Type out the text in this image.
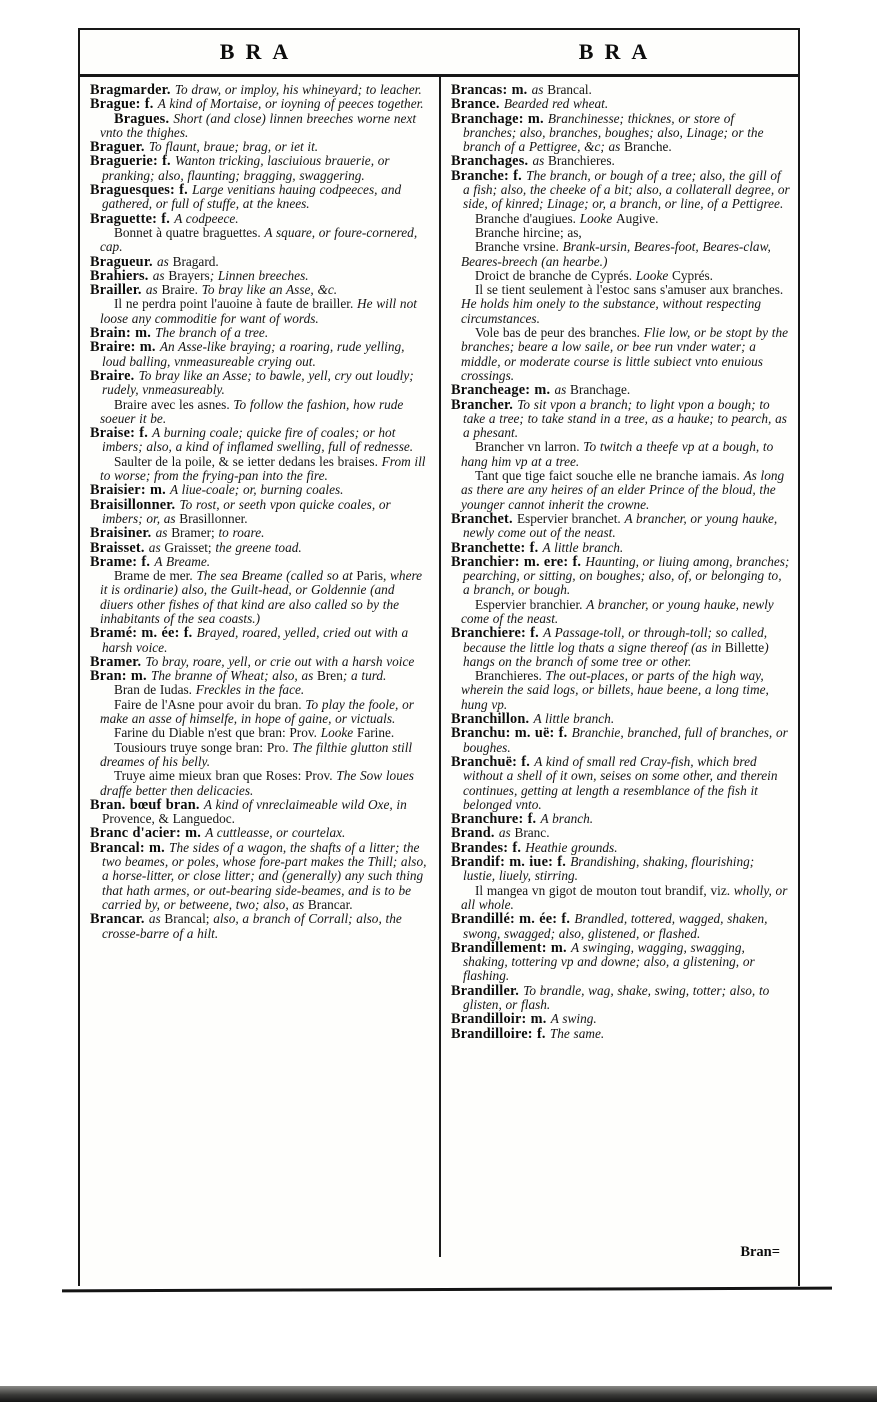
BRA	BRA

Bragmarder. To draw, or imploy, his whineyard; to leacher.

Brague: f. A kind of Mortaise, or ioyning of peeces together.

Bragues. Short (and close) linnen breeches worne next vnto the thighes.

Braguer. To flaunt, braue; brag, or iet it.

Braguerie: f. Wanton tricking, lasciuious brauerie, or pranking; also, flaunting; bragging, swaggering.

Braguesques: f. Large venitians hauing codpeeces, and gathered, or full of stuffe, at the knees.

Braguette: f. A codpeece.

Bonnet à quatre braguettes. A square, or foure-cornered, cap.

Bragueur. as Bragard.

Brahiers. as Brayers; Linnen breeches.

Brailler. as Braire. To bray like an Asse, &c.

Il ne perdra point l'auoine à faute de brailler. He will not loose any commoditie for want of words.

Brain: m. The branch of a tree.

Braire: m. An Asse-like braying; a roaring, rude yelling, loud balling, vnmeasureable crying out.

Braire. To bray like an Asse; to bawle, yell, cry out loudly; rudely, vnmeasureably.

Braire avec les asnes. To follow the fashion, how rude soeuer it be.

Braise: f. A burning coale; quicke fire of coales; or hot imbers; also, a kind of inflamed swelling, full of rednesse.

Saulter de la poile, & se ietter dedans les braises. From ill to worse; from the frying-pan into the fire.

Braisier: m. A liue-coale; or, burning coales.

Braisillonner. To rost, or seeth vpon quicke coales, or imbers; or, as Brasillonner.

Braisiner. as Bramer; to roare.

Braisset. as Graisset; the greene toad.

Brame: f. A Breame.

Brame de mer. The sea Breame (called so at Paris, where it is ordinarie) also, the Guilt-head, or Goldennie (and diuers other fishes of that kind are also called so by the inhabitants of the sea coasts.)

Bramé: m. ée: f. Brayed, roared, yelled, cried out with a harsh voice.

Bramer. To bray, roare, yell, or crie out with a harsh voice

Bran: m. The branne of Wheat; also, as Bren; a turd.

Bran de Iudas. Freckles in the face.

Faire de l'Asne pour avoir du bran. To play the foole, or make an asse of himselfe, in hope of gaine, or victuals.

Farine du Diable n'est que bran: Prov. Looke Farine.

Tousiours truye songe bran: Pro. The filthie glutton still dreames of his belly.

Truye aime mieux bran que Roses: Prov. The Sow loues draffe better then delicacies.

Bran. bœuf bran. A kind of vnreclaimeable wild Oxe, in Provence, & Languedoc.

Branc d'acier: m. A cuttleasse, or courtelax.

Brancal: m. The sides of a wagon, the shafts of a litter; the two beames, or poles, whose fore-part makes the Thill; also, a horse-litter, or close litter; and (generally) any such thing that hath armes, or out-bearing side-beames, and is to be carried by, or betweene, two; also, as Brancar.

Brancar. as Brancal; also, a branch of Corrall; also, the crosse-barre of a hilt.

Brancas: m. as Brancal.

Brance. Bearded red wheat.

Branchage: m. Branchinesse; thicknes, or store of branches; also, branches, boughes; also, Linage; or the branch of a Pettigree, &c; as Branche.

Branchages. as Branchieres.

Branche: f. The branch, or bough of a tree; also, the gill of a fish; also, the cheeke of a bit; also, a collaterall degree, or side, of kinred; Linage; or, a branch, or line, of a Pettigree.

Branche d'augiues. Looke Augive.

Branche hircine; as,

Branche vrsine. Brank-ursin, Beares-foot, Beares-claw, Beares-breech (an hearbe.)

Droict de branche de Cyprés. Looke Cyprés.

Il se tient seulement à l'estoc sans s'amuser aux branches. He holds him onely to the substance, without respecting circumstances.

Vole bas de peur des branches. Flie low, or be stopt by the branches; beare a low saile, or bee run vnder water; a middle, or moderate course is little subiect vnto enuious crossings.

Brancheage: m. as Branchage.

Brancher. To sit vpon a branch; to light vpon a bough; to take a tree; to take stand in a tree, as a hauke; to pearch, as a phesant.

Brancher vn larron. To twitch a theefe vp at a bough, to hang him vp at a tree.

Tant que tige faict souche elle ne branche iamais. As long as there are any heires of an elder Prince of the bloud, the younger cannot inherit the crowne.

Branchet. Espervier branchet. A brancher, or young hauke, newly come out of the neast.

Branchette: f. A little branch.

Branchier: m. ere: f. Haunting, or liuing among, branches; pearching, or sitting, on boughes; also, of, or belonging to, a branch, or bough.

Espervier branchier. A brancher, or young hauke, newly come of the neast.

Branchiere: f. A Passage-toll, or through-toll; so called, because the little log thats a signe thereof (as in Billette) hangs on the branch of some tree or other.

Branchieres. The out-places, or parts of the high way, wherein the said logs, or billets, haue beene, a long time, hung vp.

Branchillon. A little branch.

Branchu: m. uë: f. Branchie, branched, full of branches, or boughes.

Branchuë: f. A kind of small red Cray-fish, which bred without a shell of it own, seises on some other, and therein continues, getting at length a resemblance of the fish it belonged vnto.

Branchure: f. A branch.

Brand. as Branc.

Brandes: f. Heathie grounds.

Brandif: m. iue: f. Brandishing, shaking, flourishing; lustie, liuely, stirring.

Il mangea vn gigot de mouton tout brandif, viz. wholly, or all whole.

Brandillé: m. ée: f. Brandled, tottered, wagged, shaken, swong, swagged; also, glistened, or flashed.

Brandillement: m. A swinging, wagging, swagging, shaking, tottering vp and downe; also, a glistening, or flashing.

Brandiller. To brandle, wag, shake, swing, totter; also, to glisten, or flash.

Brandilloir: m. A swing.

Brandilloire: f. The same.

Bran=
